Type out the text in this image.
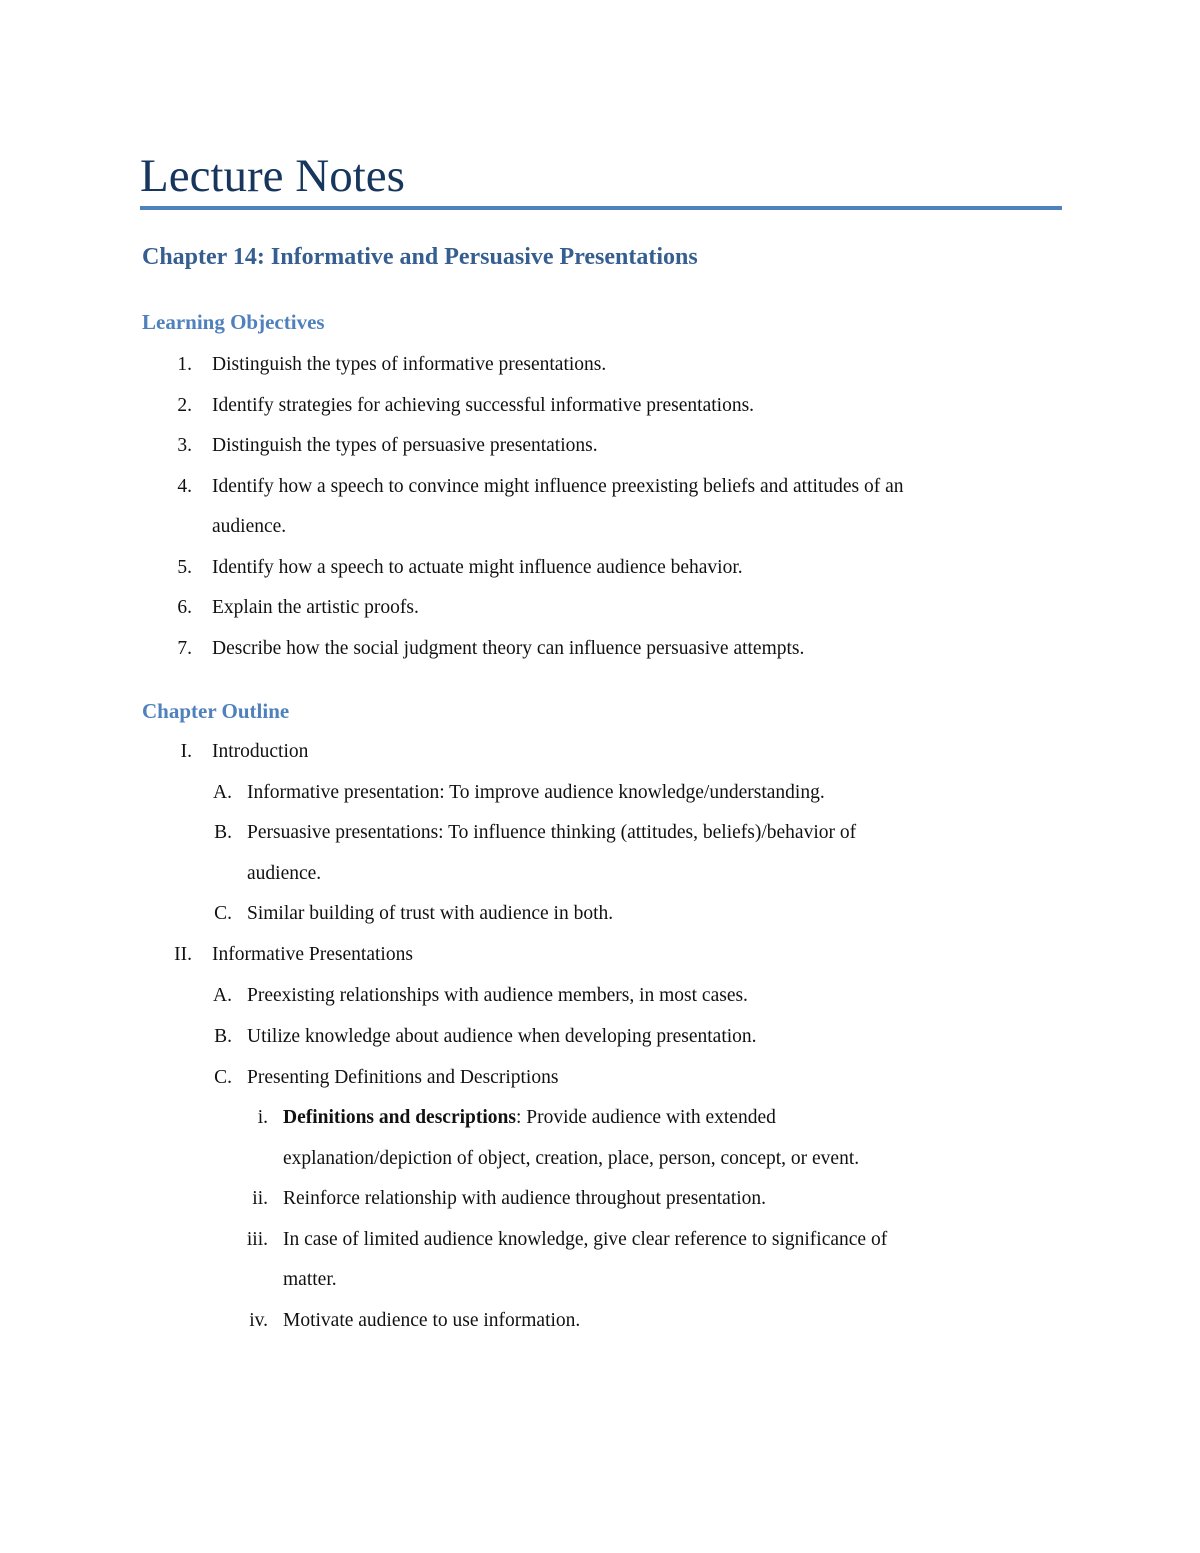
Lecture Notes
Chapter 14: Informative and Persuasive Presentations
Learning Objectives
1. Distinguish the types of informative presentations.
2. Identify strategies for achieving successful informative presentations.
3. Distinguish the types of persuasive presentations.
4. Identify how a speech to convince might influence preexisting beliefs and attitudes of an
audience.
5. Identify how a speech to actuate might influence audience behavior.
6. Explain the artistic proofs.
7. Describe how the social judgment theory can influence persuasive attempts.
Chapter Outline
I. Introduction
A. Informative presentation: To improve audience knowledge/understanding.
B. Persuasive presentations: To influence thinking (attitudes, beliefs)/behavior of
audience.
C. Similar building of trust with audience in both.
II. Informative Presentations
A. Preexisting relationships with audience members, in most cases.
B. Utilize knowledge about audience when developing presentation.
C. Presenting Definitions and Descriptions
i. Definitions and descriptions: Provide audience with extended
explanation/depiction of object, creation, place, person, concept, or event.
ii. Reinforce relationship with audience throughout presentation.
iii. In case of limited audience knowledge, give clear reference to significance of
matter.
iv. Motivate audience to use information.
